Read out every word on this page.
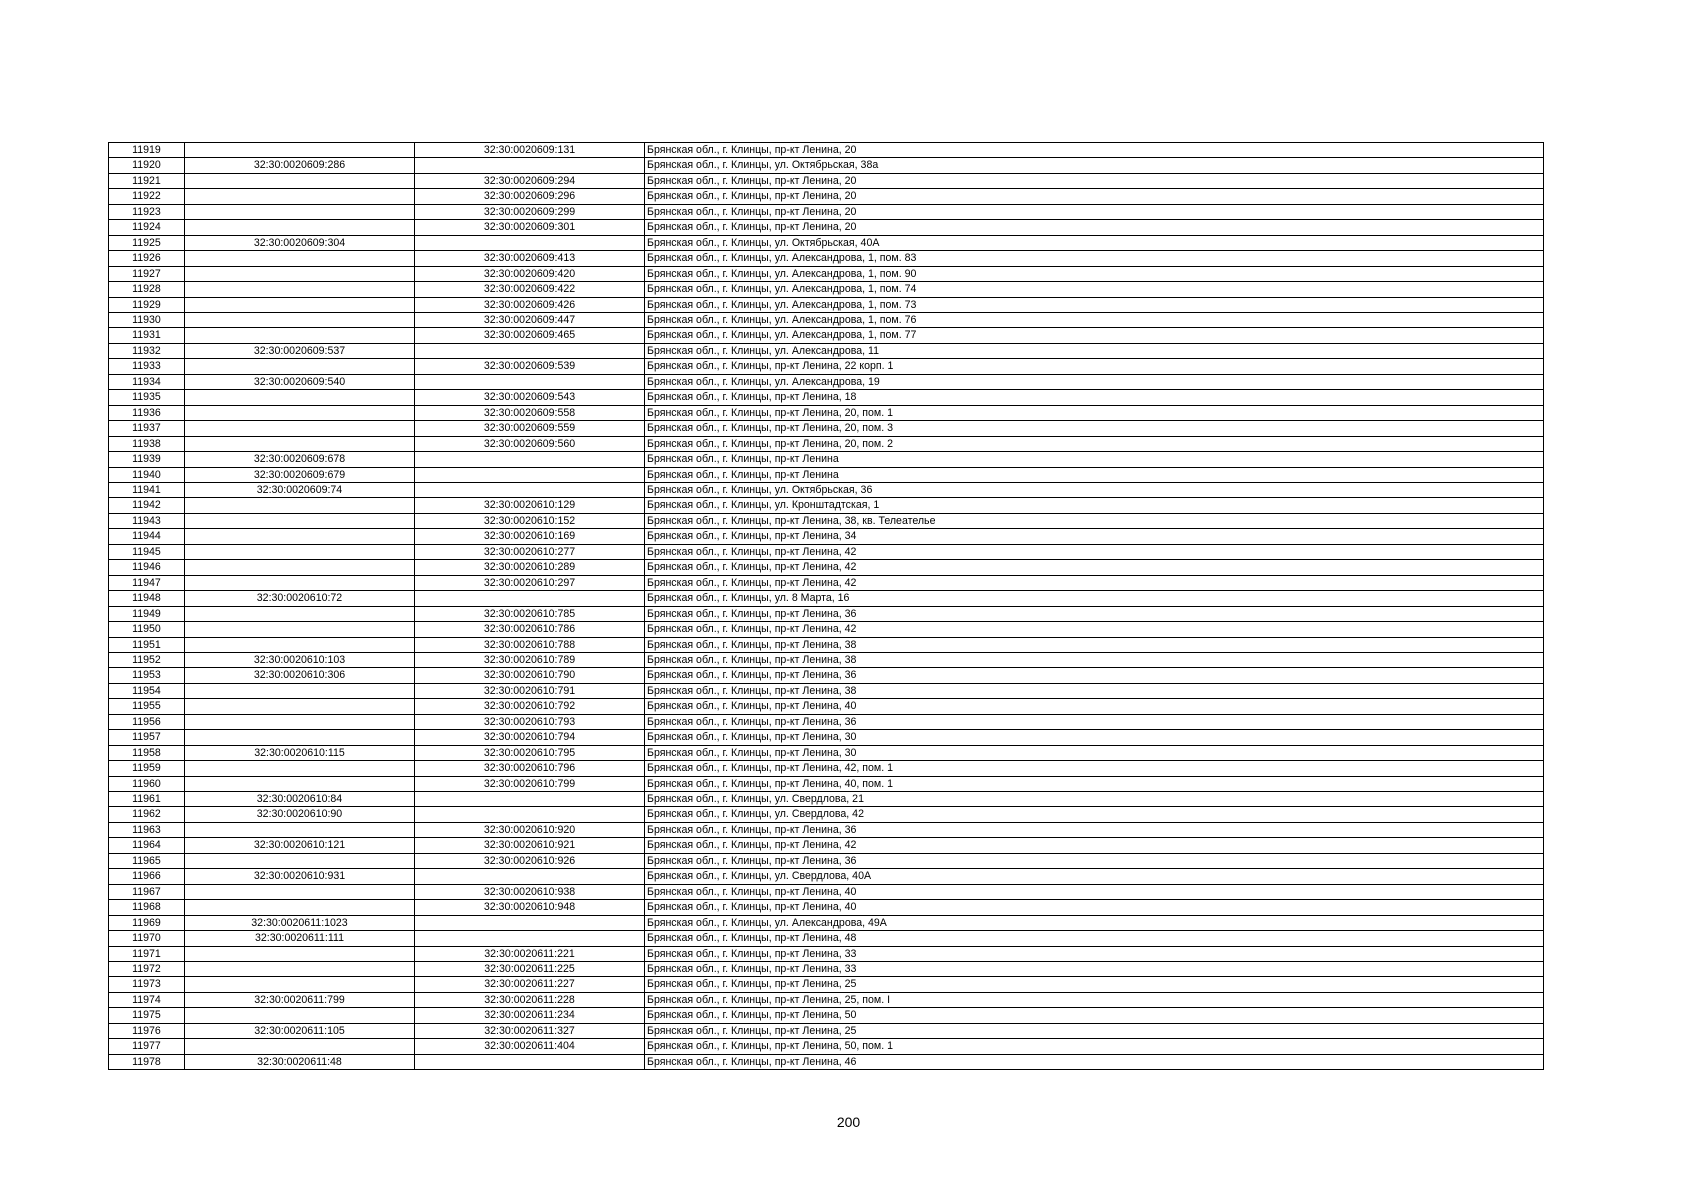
11919		32:30:0020609:131	Брянская обл., г. Клинцы, пр-кт Ленина, 20
11920	32:30:0020609:286		Брянская обл., г. Клинцы, ул. Октябрьская, 38а
11921		32:30:0020609:294	Брянская обл., г. Клинцы, пр-кт Ленина, 20
11922		32:30:0020609:296	Брянская обл., г. Клинцы, пр-кт Ленина, 20
11923		32:30:0020609:299	Брянская обл., г. Клинцы, пр-кт Ленина, 20
11924		32:30:0020609:301	Брянская обл., г. Клинцы, пр-кт Ленина, 20
11925	32:30:0020609:304		Брянская обл., г. Клинцы, ул. Октябрьская, 40А
11926		32:30:0020609:413	Брянская обл., г. Клинцы, ул. Александрова, 1, пом. 83
11927		32:30:0020609:420	Брянская обл., г. Клинцы, ул. Александрова, 1, пом. 90
11928		32:30:0020609:422	Брянская обл., г. Клинцы, ул. Александрова, 1, пом. 74
11929		32:30:0020609:426	Брянская обл., г. Клинцы, ул. Александрова, 1, пом. 73
11930		32:30:0020609:447	Брянская обл., г. Клинцы, ул. Александрова, 1, пом. 76
11931		32:30:0020609:465	Брянская обл., г. Клинцы, ул. Александрова, 1, пом. 77
11932	32:30:0020609:537		Брянская обл., г. Клинцы, ул. Александрова, 11
11933		32:30:0020609:539	Брянская обл., г. Клинцы, пр-кт Ленина, 22 корп. 1
11934	32:30:0020609:540		Брянская обл., г. Клинцы, ул. Александрова, 19
11935		32:30:0020609:543	Брянская обл., г. Клинцы, пр-кт Ленина, 18
11936		32:30:0020609:558	Брянская обл., г. Клинцы, пр-кт Ленина, 20, пом. 1
11937		32:30:0020609:559	Брянская обл., г. Клинцы, пр-кт Ленина, 20, пом. 3
11938		32:30:0020609:560	Брянская обл., г. Клинцы, пр-кт Ленина, 20, пом. 2
11939	32:30:0020609:678		Брянская обл., г. Клинцы, пр-кт Ленина
11940	32:30:0020609:679		Брянская обл., г. Клинцы, пр-кт Ленина
11941	32:30:0020609:74		Брянская обл., г. Клинцы, ул. Октябрьская, 36
11942		32:30:0020610:129	Брянская обл., г. Клинцы, ул. Кронштадтская, 1
11943		32:30:0020610:152	Брянская обл., г. Клинцы, пр-кт Ленина, 38, кв. Телеателье
11944		32:30:0020610:169	Брянская обл., г. Клинцы, пр-кт Ленина, 34
11945		32:30:0020610:277	Брянская обл., г. Клинцы, пр-кт Ленина, 42
11946		32:30:0020610:289	Брянская обл., г. Клинцы, пр-кт Ленина, 42
11947		32:30:0020610:297	Брянская обл., г. Клинцы, пр-кт Ленина, 42
11948	32:30:0020610:72		Брянская обл., г. Клинцы, ул. 8 Марта, 16
11949		32:30:0020610:785	Брянская обл., г. Клинцы, пр-кт Ленина, 36
11950		32:30:0020610:786	Брянская обл., г. Клинцы, пр-кт Ленина, 42
11951		32:30:0020610:788	Брянская обл., г. Клинцы, пр-кт Ленина, 38
11952	32:30:0020610:103	32:30:0020610:789	Брянская обл., г. Клинцы, пр-кт Ленина, 38
11953	32:30:0020610:306	32:30:0020610:790	Брянская обл., г. Клинцы, пр-кт Ленина, 36
11954		32:30:0020610:791	Брянская обл., г. Клинцы, пр-кт Ленина, 38
11955		32:30:0020610:792	Брянская обл., г. Клинцы, пр-кт Ленина, 40
11956		32:30:0020610:793	Брянская обл., г. Клинцы, пр-кт Ленина, 36
11957		32:30:0020610:794	Брянская обл., г. Клинцы, пр-кт Ленина, 30
11958	32:30:0020610:115	32:30:0020610:795	Брянская обл., г. Клинцы, пр-кт Ленина, 30
11959		32:30:0020610:796	Брянская обл., г. Клинцы, пр-кт Ленина, 42, пом. 1
11960		32:30:0020610:799	Брянская обл., г. Клинцы, пр-кт Ленина, 40, пом. 1
11961	32:30:0020610:84		Брянская обл., г. Клинцы, ул. Свердлова, 21
11962	32:30:0020610:90		Брянская обл., г. Клинцы, ул. Свердлова, 42
11963		32:30:0020610:920	Брянская обл., г. Клинцы, пр-кт Ленина, 36
11964	32:30:0020610:121	32:30:0020610:921	Брянская обл., г. Клинцы, пр-кт Ленина, 42
11965		32:30:0020610:926	Брянская обл., г. Клинцы, пр-кт Ленина, 36
11966	32:30:0020610:931		Брянская обл., г. Клинцы, ул. Свердлова, 40А
11967		32:30:0020610:938	Брянская обл., г. Клинцы, пр-кт Ленина, 40
11968		32:30:0020610:948	Брянская обл., г. Клинцы, пр-кт Ленина, 40
11969	32:30:0020611:1023		Брянская обл., г. Клинцы, ул. Александрова, 49А
11970	32:30:0020611:111		Брянская обл., г. Клинцы, пр-кт Ленина, 48
11971		32:30:0020611:221	Брянская обл., г. Клинцы, пр-кт Ленина, 33
11972		32:30:0020611:225	Брянская обл., г. Клинцы, пр-кт Ленина, 33
11973		32:30:0020611:227	Брянская обл., г. Клинцы, пр-кт Ленина, 25
11974	32:30:0020611:799	32:30:0020611:228	Брянская обл., г. Клинцы, пр-кт Ленина, 25, пом. I
11975		32:30:0020611:234	Брянская обл., г. Клинцы, пр-кт Ленина, 50
11976	32:30:0020611:105	32:30:0020611:327	Брянская обл., г. Клинцы, пр-кт Ленина, 25
11977		32:30:0020611:404	Брянская обл., г. Клинцы, пр-кт Ленина, 50, пом. 1
11978	32:30:0020611:48		Брянская обл., г. Клинцы, пр-кт Ленина, 46
200
